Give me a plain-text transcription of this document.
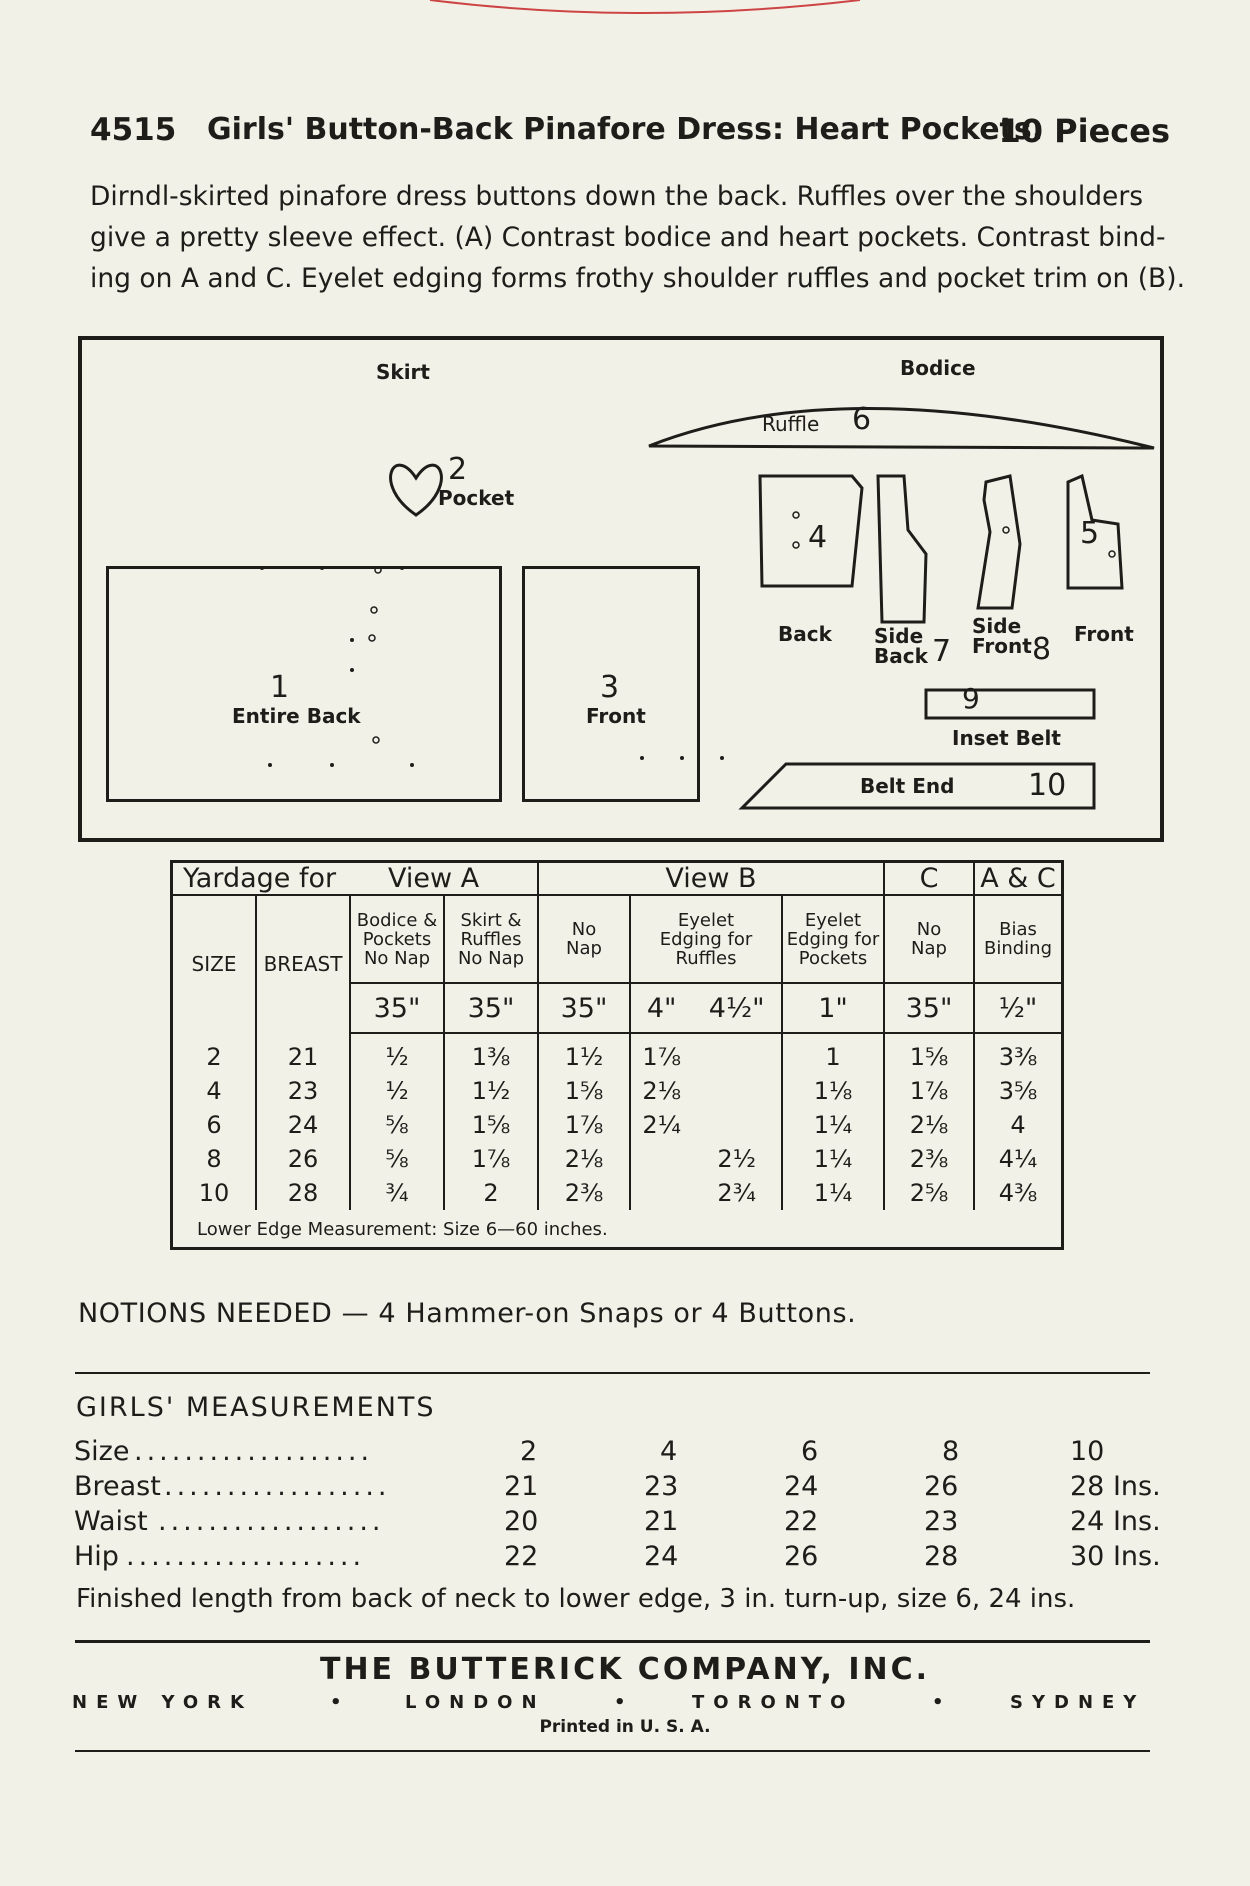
4515 Girls' Button-Back Pinafore Dress: Heart Pockets.
10 Pieces
Dirndl-skirted pinafore dress buttons down the back. Ruffles over the shoulders
give a pretty sleeve effect. (A) Contrast bodice and heart pockets. Contrast bind-
ing on A and C. Eyelet edging forms frothy shoulder ruffles and pocket trim on (B).
Skirt	Bodice
2
Pocket
1
Entire Back
3
Front
Ruffle 6
4
Back Side Back 7
Side Front 8
5
Front
9
Inset Belt
Belt End 10
Yardage for		View A		View B				C	A & C
SIZE	BREAST	Bodice &
Pockets
No Nap	Skirt &
Ruffles
No Nap	No
Nap	Eyelet
Edging for
Ruffles		Eyelet
Edging for
Pockets	No
Nap	Bias
Binding
		35"	35"	35"	4"	4½"	1"	35"	½"
2	21	½	1⅜	1½	1⅞		1	1⅝	3⅜
4	23	½	1½	1⅝	2⅛		1⅛	1⅞	3⅝
6	24	⅝	1⅝	1⅞	2¼		1¼	2⅛	4
8	26	⅝	1⅞	2⅛		2½	1¼	2⅜	4¼
10	28	¾	2	2⅜		2¾	1¼	2⅝	4⅜
Lower Edge Measurement: Size 6—60 inches.									
NOTIONS NEEDED — 4 Hammer-on Snaps or 4 Buttons.
GIRLS' MEASUREMENTS
Size ...................	2	4	6	8	10
Breast ..................	21	23	24	26	28 Ins.
Waist ..................	20	21	22	23	24 Ins.
Hip ...................	22	24	26	28	30 Ins.
Finished length from back of neck to lower edge, 3 in. turn-up, size 6, 24 ins.
THE BUTTERICK COMPANY, INC.
NEW YORK	•	LONDON	•	TORONTO	•	SYDNEY
Printed in U. S. A.
